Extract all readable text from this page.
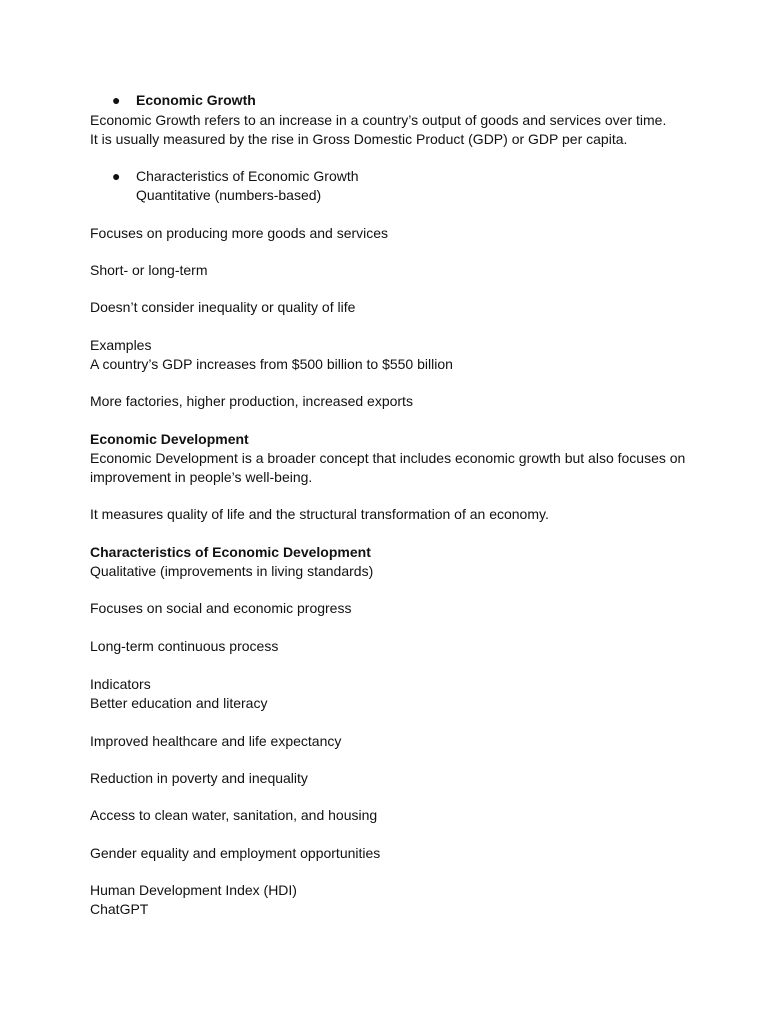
● Economic Growth

Economic Growth refers to an increase in a country’s output of goods and services over time.

It is usually measured by the rise in Gross Domestic Product (GDP) or GDP per capita.

● Characteristics of Economic Growth
Quantitative (numbers-based)

Focuses on producing more goods and services

Short- or long-term

Doesn’t consider inequality or quality of life

Examples

A country’s GDP increases from $500 billion to $550 billion

More factories, higher production, increased exports

Economic Development

Economic Development is a broader concept that includes economic growth but also focuses on

improvement in people’s well-being.

It measures quality of life and the structural transformation of an economy.

Characteristics of Economic Development

Qualitative (improvements in living standards)

Focuses on social and economic progress

Long-term continuous process

Indicators

Better education and literacy

Improved healthcare and life expectancy

Reduction in poverty and inequality

Access to clean water, sanitation, and housing

Gender equality and employment opportunities

Human Development Index (HDI)

ChatGPT
